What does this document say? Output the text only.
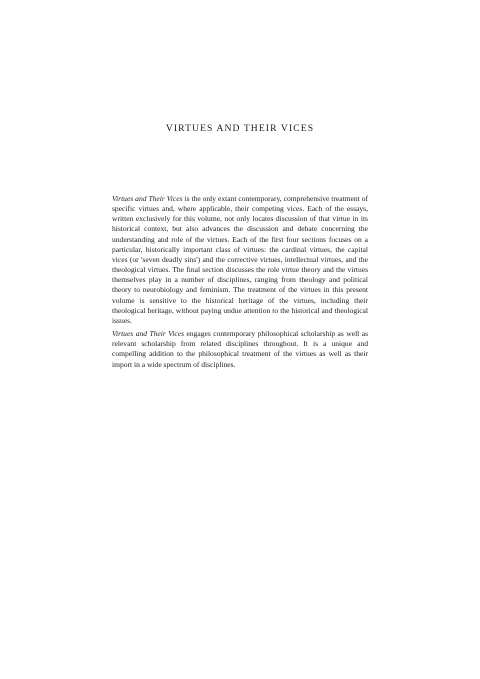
VIRTUES AND THEIR VICES

Virtues and Their Vices is the only extant contemporary, comprehensive treatment of specific virtues and, where applicable, their competing vices. Each of the essays, written exclusively for this volume, not only locates discussion of that virtue in its historical context, but also advances the discussion and debate concerning the understanding and role of the virtues. Each of the first four sections focuses on a particular, historically important class of virtues: the cardinal virtues, the capital vices (or 'seven deadly sins') and the corrective virtues, intellectual virtues, and the theological virtues. The final section discusses the role virtue theory and the virtues themselves play in a number of disciplines, ranging from theology and political theory to neurobiology and feminism. The treatment of the virtues in this present volume is sensitive to the historical heritage of the virtues, including their theological heritage, without paying undue attention to the historical and theological issues.

Virtues and Their Vices engages contemporary philosophical scholarship as well as relevant scholarship from related disciplines throughout. It is a unique and compelling addition to the philosophical treatment of the virtues as well as their import in a wide spectrum of disciplines.
